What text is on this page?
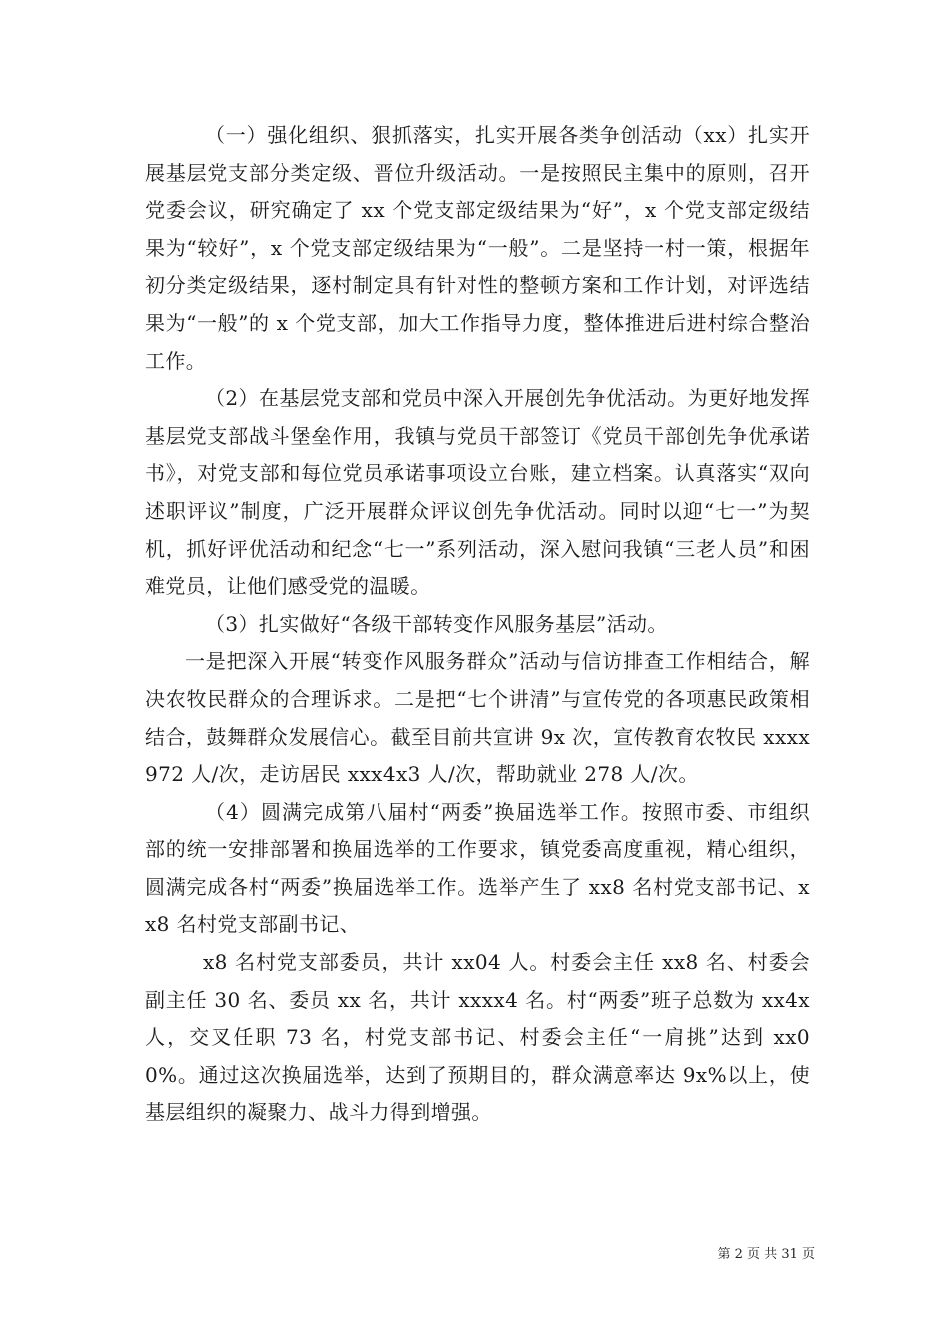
（一）强化组织、狠抓落实，扎实开展各类争创活动（xx）扎实开展基层党支部分类定级、晋位升级活动。一是按照民主集中的原则，召开党委会议，研究确定了 xx 个党支部定级结果为“好”，x 个党支部定级结果为“较好”，x 个党支部定级结果为“一般”。二是坚持一村一策，根据年初分类定级结果，逐村制定具有针对性的整顿方案和工作计划，对评选结果为“一般”的 x 个党支部，加大工作指导力度，整体推进后进村综合整治工作。

（2）在基层党支部和党员中深入开展创先争优活动。为更好地发挥基层党支部战斗堡垒作用，我镇与党员干部签订《党员干部创先争优承诺书》，对党支部和每位党员承诺事项设立台账，建立档案。认真落实“双向述职评议”制度，广泛开展群众评议创先争优活动。同时以迎“七一”为契机，抓好评优活动和纪念“七一”系列活动，深入慰问我镇“三老人员”和困难党员，让他们感受党的温暖。

（3）扎实做好“各级干部转变作风服务基层”活动。

一是把深入开展“转变作风服务群众”活动与信访排查工作相结合，解决农牧民群众的合理诉求。二是把“七个讲清”与宣传党的各项惠民政策相结合，鼓舞群众发展信心。截至目前共宣讲 9x 次，宣传教育农牧民 xxxx972 人/次，走访居民 xxx4x3 人/次，帮助就业 278 人/次。

（4）圆满完成第八届村“两委”换届选举工作。按照市委、市组织部的统一安排部署和换届选举的工作要求，镇党委高度重视，精心组织，圆满完成各村“两委”换届选举工作。选举产生了 xx8 名村党支部书记、xx8 名村党支部副书记、

x8 名村党支部委员，共计 xx04 人。村委会主任 xx8 名、村委会副主任 30 名、委员 xx 名，共计 xxxx4 名。村“两委”班子总数为 xx4x 人，交叉任职 73 名，村党支部书记、村委会主任“一肩挑”达到 xx00%。通过这次换届选举，达到了预期目的，群众满意率达 9x%以上，使基层组织的凝聚力、战斗力得到增强。

第 2 页 共 31 页
